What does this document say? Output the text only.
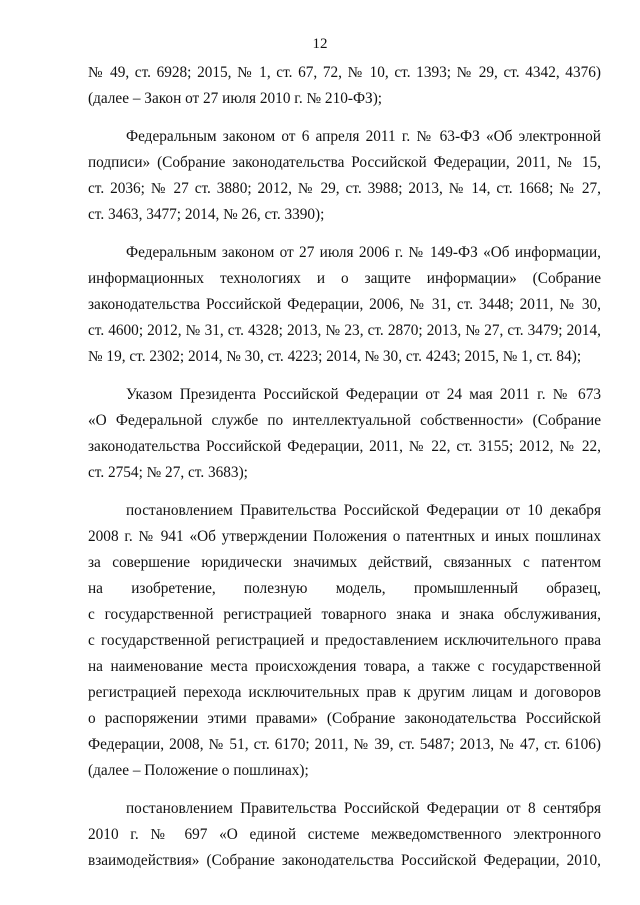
12

№ 49, ст. 6928; 2015, № 1, ст. 67, 72, № 10, ст. 1393; № 29, ст. 4342, 4376)
(далее – Закон от 27 июля 2010 г. № 210-ФЗ);

Федеральным законом от 6 апреля 2011 г. № 63-ФЗ «Об электронной
подписи» (Собрание законодательства Российской Федерации, 2011, № 15,
ст. 2036; № 27 ст. 3880; 2012, № 29, ст. 3988; 2013, № 14, ст. 1668; № 27,
ст. 3463, 3477; 2014, № 26, ст. 3390);

Федеральным законом от 27 июля 2006 г. № 149-ФЗ «Об информации,
информационных технологиях и о защите информации» (Собрание
законодательства Российской Федерации, 2006, № 31, ст. 3448; 2011, № 30,
ст. 4600; 2012, № 31, ст. 4328; 2013, № 23, ст. 2870; 2013, № 27, ст. 3479; 2014,
№ 19, ст. 2302; 2014, № 30, ст. 4223; 2014, № 30, ст. 4243; 2015, № 1, ст. 84);

Указом Президента Российской Федерации от 24 мая 2011 г. № 673
«О Федеральной службе по интеллектуальной собственности» (Собрание
законодательства Российской Федерации, 2011, № 22, ст. 3155; 2012, № 22,
ст. 2754; № 27, ст. 3683);

постановлением Правительства Российской Федерации от 10 декабря
2008 г. № 941 «Об утверждении Положения о патентных и иных пошлинах
за совершение юридически значимых действий, связанных с патентом
на изобретение, полезную модель, промышленный образец,
с государственной регистрацией товарного знака и знака обслуживания,
с государственной регистрацией и предоставлением исключительного права
на наименование места происхождения товара, а также с государственной
регистрацией перехода исключительных прав к другим лицам и договоров
о распоряжении этими правами» (Собрание законодательства Российской
Федерации, 2008, № 51, ст. 6170; 2011, № 39, ст. 5487; 2013, № 47, ст. 6106)
(далее – Положение о пошлинах);

постановлением Правительства Российской Федерации от 8 сентября
2010 г. № 697 «О единой системе межведомственного электронного
взаимодействия» (Собрание законодательства Российской Федерации, 2010,
